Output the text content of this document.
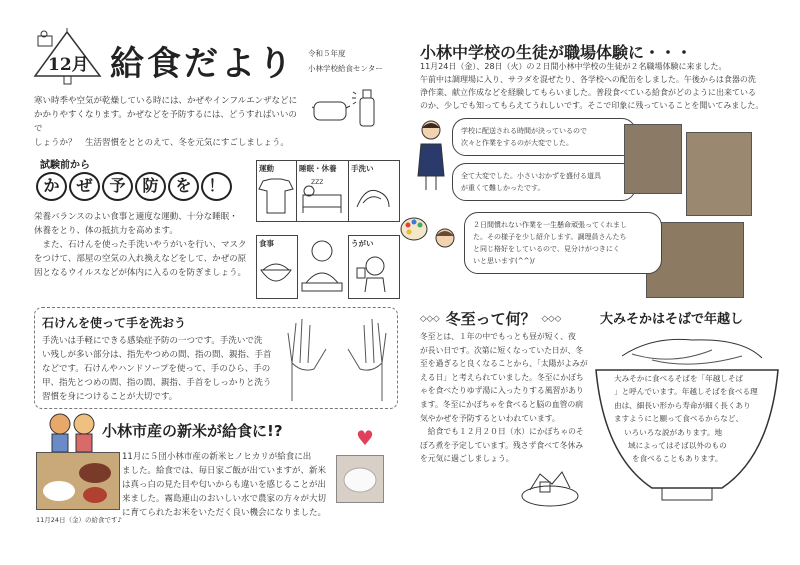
12月 給食だより 令和５年度
小林学校給食センター
寒い時季や空気が乾燥している時には、かぜやインフルエンザなどに
かかりやすくなります。かぜなどを予防するには、どうすればいいので
しょうか？　生活習慣をととのえて、冬を元気にすごしましょう。
試験前から
か	ぜ	予	防	を	！
栄養バランスのよい食事と適度な運動、十分な睡眠・
休養をとり、体の抵抗力を高めます。
　また、石けんを使った手洗いやうがいを行い、マスク
をつけて、部屋の空気の入れ換えなどをして、かぜの原
因となるウイルスなどが体内に入るのを防ぎましょう。
運動	睡眠・休養
ZZZ
手洗い
食事	うがい
石けんを使って手を洗おう
手洗いは手軽にできる感染症予防の一つです。手洗いで洗
い残しが多い部分は、指先やつめの間、指の間、親指、手首
などです。石けんやハンドソープを使って、手のひら、手の
甲、指先とつめの間、指の間、親指、手首をしっかりと洗う
習慣を身につけることが大切です。
小林市産の新米が給食に!?	♥
11月に５団小林市産の新米ヒノヒカリが給食に出
ました。給食では、毎日家ご飯が出ていますが、新米
は真っ白の見た目や匂いからも違いを感じることが出
来ました。霧島連山のおいしい水で農家の方々が大切
に育てられたお米をいただく良い機会になりました。
11月24日（金）の給食です♪
小林中学校の生徒が職場体験に・・・
11月24日（金）、28日（火）の２日間小林中学校の生徒が２名職場体験に来ました。
午前中は調理場に入り、サラダを混ぜたり、各学校への配缶をしました。午後からは食器の洗
浄作業、献立作成などを経験してもらいました。普段食べている給食がどのように出来ている
のか、少しでも知ってもらえてうれしいです。そこで印象に残っていることを聞いてみました。
学校に配送される時間が決っているので
次々と作業をするのが大変でした。
全て大変でした。小さいおかずを盛付る道具
が重くて難しかったです。
２日間慣れない作業を一生懸命頑張ってくれまし
た。その様子を少し紹介します。調理員さんたち
と同じ格好をしているので、見分けがつきにく
いと思います(^^)/
◇◇◇ 冬至って何？ ◇◇◇
冬至とは、１年の中でもっとも昼が短く、夜
が長い日です。次第に短くなっていた日が、冬
至を過ぎると良くなることから、「太陽がよみが
える日」と考えられていました。冬至にかぼち
ゃを食べたりゆず湯に入ったりする風習があり
ます。冬至にかぼちゃを食べると脳の血管の病
気やかぜを予防するといわれています。
　給食でも１２月２０日（水）にかぼちゃのそ
ぼろ煮を予定しています。残さず食べて冬休み
を元気に過ごしましょう。
大みそかはそばで年越し
大みそかに食べるそばを「年越しそば
」と呼んでいます。年越しそばを食べる理
由は、細長い形から寿命が細く長くあり
ますようにと願って食べるからなど、
いろいろな説があります。地
域によってはそば以外のもの
を食べることもあります。
